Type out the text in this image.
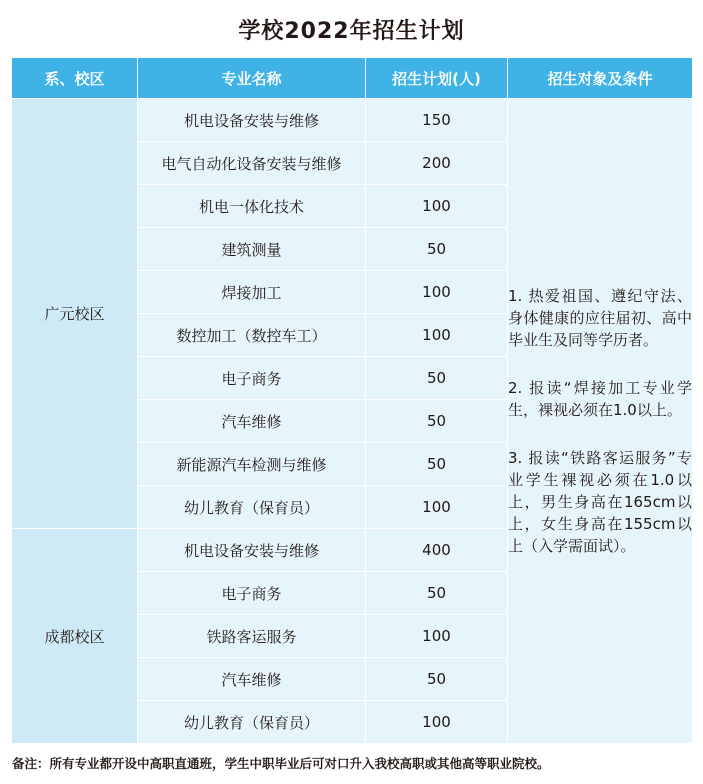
学校2022年招生计划
系、校区	专业名称	招生计划(人)	招生对象及条件
广元校区	机电设备安装与维修	150	1. 热爱祖国、遵纪守法、身体健康的应往届初、高中毕业生及同等学历者。

2. 报读“焊接加工专业学生，裸视必须在1.0以上。

3. 报读“铁路客运服务”专业学生裸视必须在1.0以上，男生身高在165cm以上，女生身高在155cm以上（入学需面试）。

	电气自动化设备安装与维修	200	
	机电一体化技术	100	
	建筑测量	50	
	焊接加工	100	
	数控加工（数控车工）	100	
	电子商务	50	
	汽车维修	50	
	新能源汽车检测与维修	50	
	幼儿教育（保育员）	100	
成都校区	机电设备安装与维修	400	
	电子商务	50	
	铁路客运服务	100	
	汽车维修	50	
	幼儿教育（保育员）	100	
备注：所有专业都开设中高职直通班，学生中职毕业后可对口升入我校高职或其他高等职业院校。
